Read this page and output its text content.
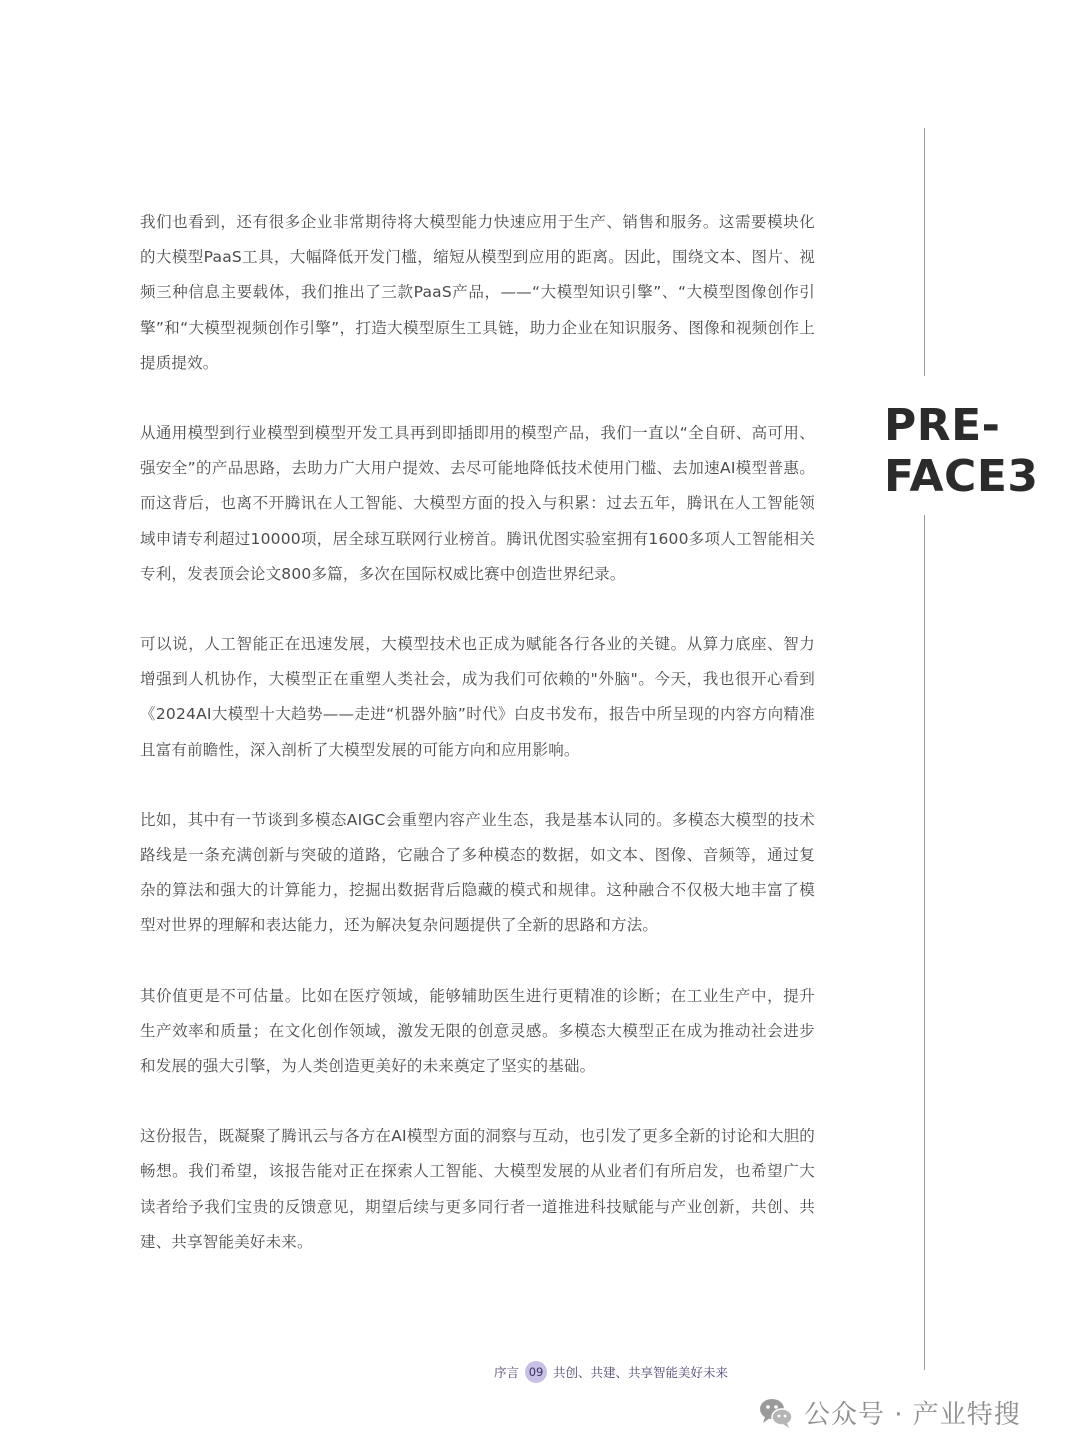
我们也看到，还有很多企业非常期待将大模型能力快速应用于生产、销售和服务。这需要模块化的大模型PaaS工具，大幅降低开发门槛，缩短从模型到应用的距离。因此，围绕文本、图片、视频三种信息主要载体，我们推出了三款PaaS产品，——“大模型知识引擎”、“大模型图像创作引擎”和“大模型视频创作引擎”，打造大模型原生工具链，助力企业在知识服务、图像和视频创作上提质提效。

从通用模型到行业模型到模型开发工具再到即插即用的模型产品，我们一直以“全自研、高可用、强安全”的产品思路，去助力广大用户提效、去尽可能地降低技术使用门槛、去加速AI模型普惠。而这背后，也离不开腾讯在人工智能、大模型方面的投入与积累：过去五年，腾讯在人工智能领域申请专利超过10000项，居全球互联网行业榜首。腾讯优图实验室拥有1600多项人工智能相关专利，发表顶会论文800多篇，多次在国际权威比赛中创造世界纪录。

可以说，人工智能正在迅速发展，大模型技术也正成为赋能各行各业的关键。从算力底座、智力增强到人机协作，大模型正在重塑人类社会，成为我们可依赖的"外脑"。今天，我也很开心看到《2024AI大模型十大趋势——走进“机器外脑”时代》白皮书发布，报告中所呈现的内容方向精准且富有前瞻性，深入剖析了大模型发展的可能方向和应用影响。

比如，其中有一节谈到多模态AIGC会重塑内容产业生态，我是基本认同的。多模态大模型的技术路线是一条充满创新与突破的道路，它融合了多种模态的数据，如文本、图像、音频等，通过复杂的算法和强大的计算能力，挖掘出数据背后隐藏的模式和规律。这种融合不仅极大地丰富了模型对世界的理解和表达能力，还为解决复杂问题提供了全新的思路和方法。

其价值更是不可估量。比如在医疗领域，能够辅助医生进行更精准的诊断；在工业生产中，提升生产效率和质量；在文化创作领域，激发无限的创意灵感。多模态大模型正在成为推动社会进步和发展的强大引擎，为人类创造更美好的未来奠定了坚实的基础。

这份报告，既凝聚了腾讯云与各方在AI模型方面的洞察与互动，也引发了更多全新的讨论和大胆的畅想。我们希望，该报告能对正在探索人工智能、大模型发展的从业者们有所启发，也希望广大读者给予我们宝贵的反馈意见，期望后续与更多同行者一道推进科技赋能与产业创新，共创、共建、共享智能美好未来。

PRE-
FACE3
序言 09 共创、共建、共享智能美好未来
公众号 · 产业特搜
